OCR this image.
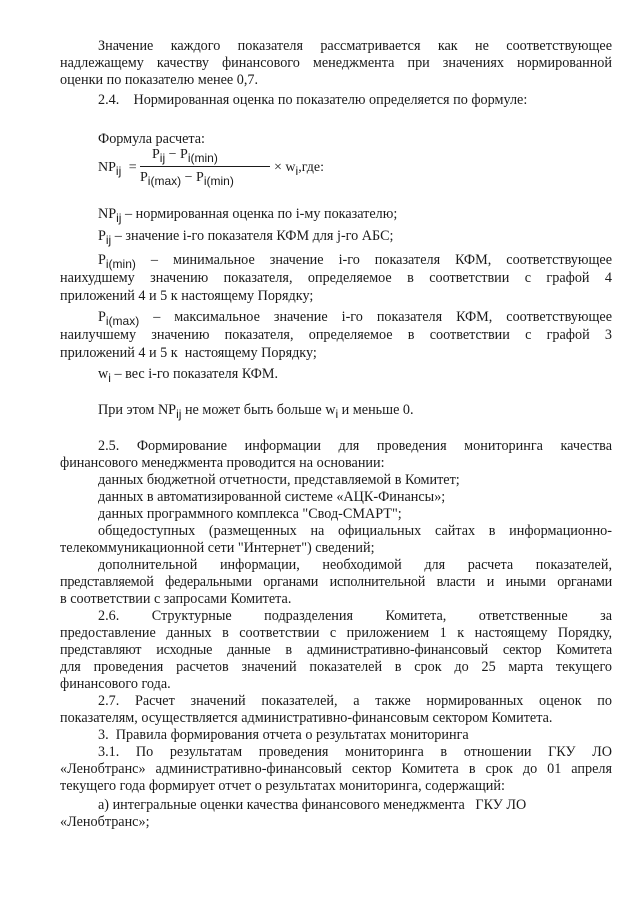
Значение каждого показателя рассматривается как не соответствующее
надлежащему качеству финансового менеджмента при значениях нормированной
оценки по показателю менее 0,7.
2.4.    Нормированная оценка по показателю определяется по формуле:
Формула расчета:
$NP_{ij}$ =
$P_{ij} - P_{i(min)}$
$P_{i(max)} - P_{i(min)}$
× $w_i,где$:
$NP_{ij}$ – нормированная оценка по i-му показателю;
$P_{ij}$ – значение i-го показателя КФМ для j-го АБС;
$P_{i(min)}$ – минимальное значение i-го показателя КФМ, соответствующее
наихудшему значению показателя, определяемое в соответствии с графой 4
приложений 4 и 5 к настоящему Порядку;
$P_{i(max)}$ – максимальное значение i-го показателя КФМ, соответствующее
наилучшему значению показателя, определяемое в соответствии с графой 3
приложений 4 и 5 к  настоящему Порядку;
$w_i$ – вес i-го показателя КФМ.
При этом $NP_{ij}$ не может быть больше $w_i$ и меньше 0.
2.5. Формирование информации для проведения мониторинга качества
финансового менеджмента проводится на основании:
данных бюджетной отчетности, представляемой в Комитет;
данных в автоматизированной системе «АЦК-Финансы»;
данных программного комплекса "Свод-СМАРТ";
общедоступных (размещенных на официальных сайтах в информационно-
телекоммуникационной сети "Интернет") сведений;
дополнительной информации, необходимой для расчета показателей,
представляемой федеральными органами исполнительной власти и иными органами
в соответствии с запросами Комитета.
2.6. Структурные подразделения Комитета, ответственные за
предоставление данных в соответствии с приложением 1 к настоящему Порядку,
представляют исходные данные в административно-финансовый сектор Комитета
для проведения расчетов значений показателей в срок до 25 марта текущего
финансового года.
2.7. Расчет значений показателей, а также нормированных оценок по
показателям, осуществляется административно-финансовым сектором Комитета.
3.  Правила формирования отчета о результатах мониторинга
3.1. По результатам проведения мониторинга в отношении ГКУ ЛО
«Ленобтранс» административно-финансовый сектор Комитета в срок до 01 апреля
текущего года формирует отчет о результатах мониторинга, содержащий:
а) интегральные оценки качества финансового менеджмента   ГКУ ЛО
«Ленобтранс»;
